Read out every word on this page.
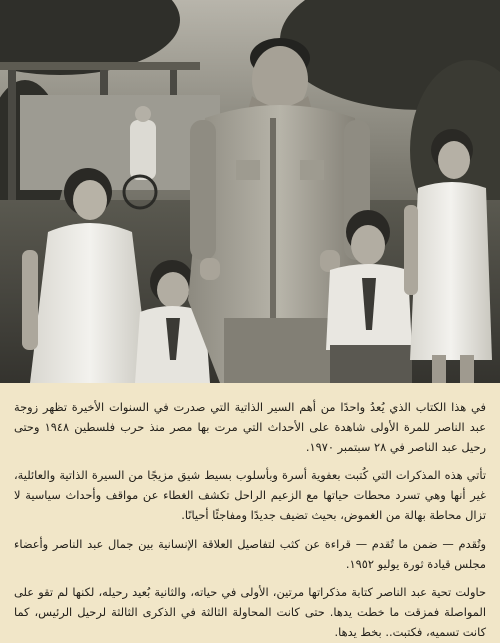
في هذا الكتاب الذي يُعدُ واحدًا من أهم السير الذاتية التي صدرت في السنوات الأخيرة تظهر زوجة عبد الناصر للمرة الأولى شاهدة على الأحداث التي مرت بها مصر منذ حرب فلسطين ١٩٤٨ وحتى رحيل عبد الناصر في ٢٨ سبتمبر ١٩٧٠.

تأتي هذه المذكرات التي كُتبت بعفوية أسرة وبأسلوب بسيط شيق مزيجًا من السيرة الذاتية والعائلية، غير أنها وهي تسرد محطات حياتها مع الزعيم الراحل تكشف الغطاء عن مواقف وأحداث سياسية لا تزال محاطة بهالة من الغموض، بحيث تضيف جديدًا ومفاجئًا أحيانًا.

وتُقدم — ضمن ما تُقدم — قراءة عن كثب لتفاصيل العلاقة الإنسانية بين جمال عبد الناصر وأعضاء مجلس قيادة ثورة يوليو ١٩٥٢.

حاولت تحية عبد الناصر كتابة مذكراتها مرتين، الأولى في حياته، والثانية بُعيد رحيله، لكنها لم تقو على المواصلة فمزقت ما خطت يدها. حتى كانت المحاولة الثالثة في الذكرى الثالثة لرحيل الرئيس، كما كانت تسميه، فكتبت.. بخط يدها.
